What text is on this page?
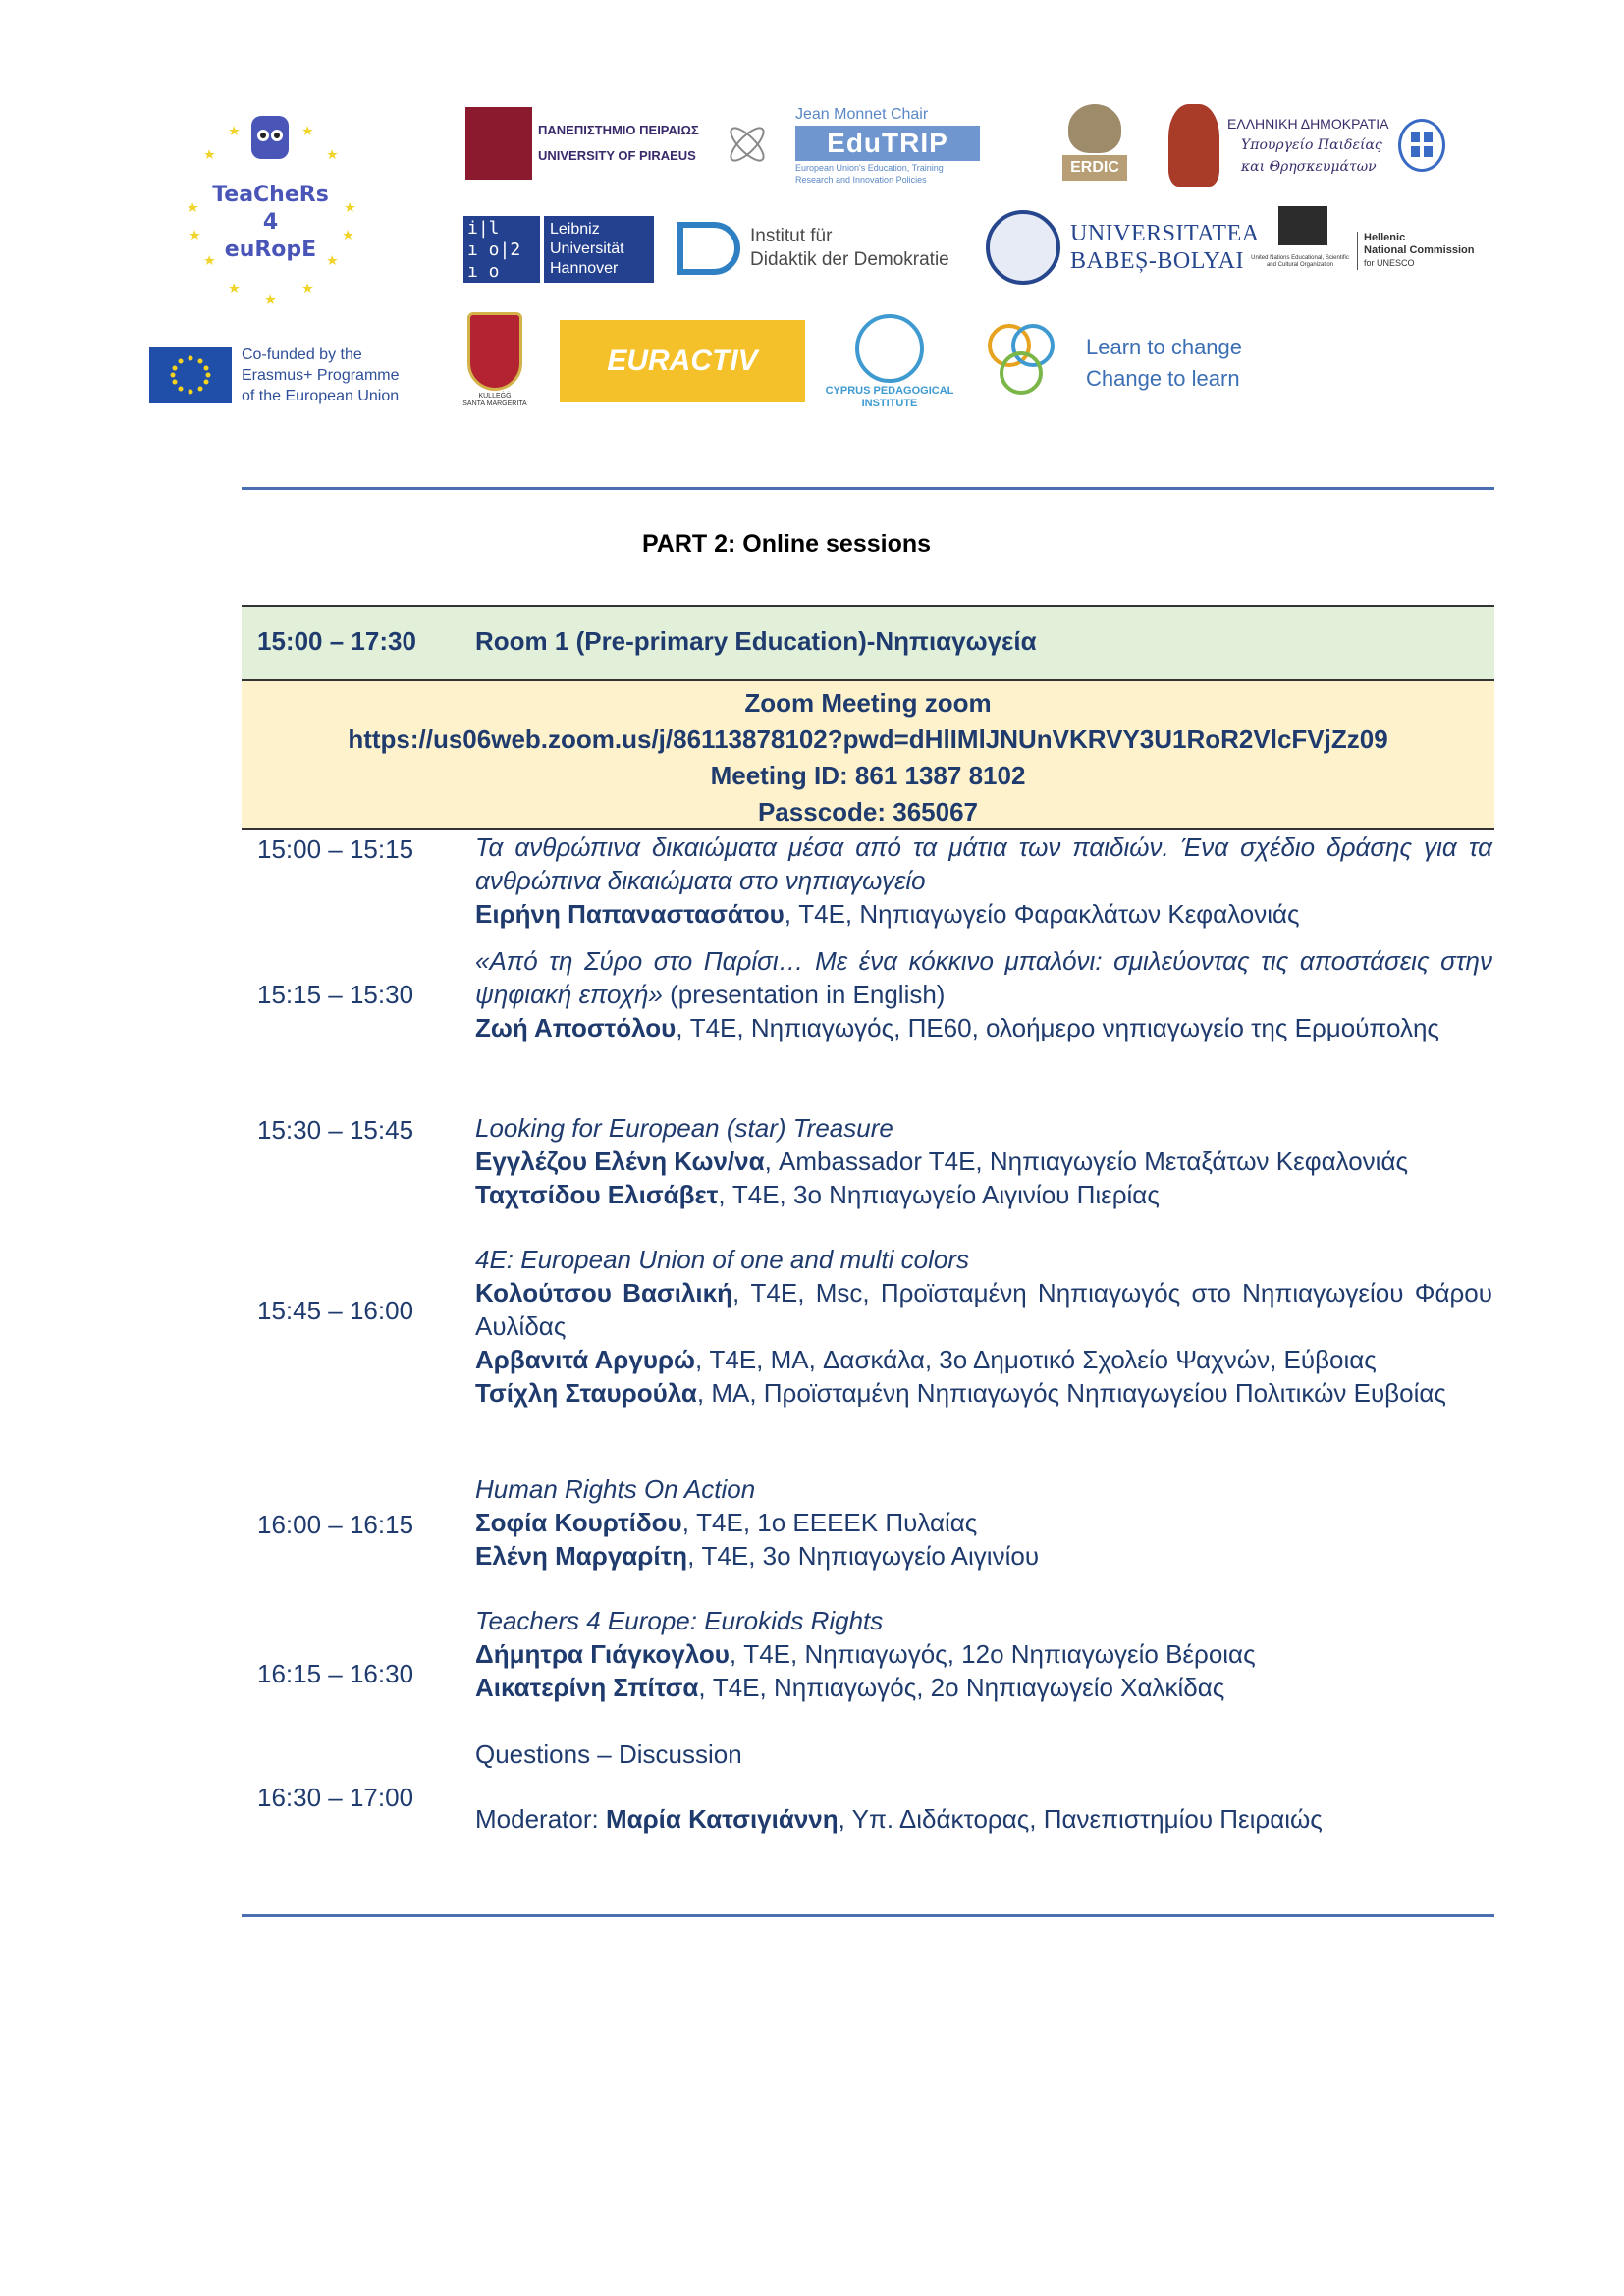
TeaCheRs
4
euRopE
Co-funded by the
Erasmus+ Programme
of the European Union
ΠΑΝΕΠΙΣΤΗΜΙΟ ΠΕΙΡΑΙΩΣ
UNIVERSITY OF PIRAEUS
Jean Monnet Chair
EduTRIP
European Union's Education, Training
Research and Innovation Policies
ERDIC
ΕΛΛΗΝΙΚΗ ΔΗΜΟΚΡΑΤΙΑ
Υπουργείο Παιδείας
και Θρησκευμάτων
i|l
ı o|2
ı o o|4
Leibniz
Universität
Hannover
Institut für
Didaktik der Demokratie
UNIVERSITATEA
BABEȘ-BOLYAI	United Nations Educational, Scientific and Cultural Organization
Hellenic
National Commission
for UNESCO
KULLEĠĠ
SANTA MARGERITA
EURACTIV
CYPRUS PEDAGOGICAL
INSTITUTE
Learn to change
Change to learn
PART 2: Online sessions
15:00 – 17:30 Room 1 (Pre-primary Education)-Νηπιαγωγεία
Zoom Meeting zoom
https://us06web.zoom.us/j/86113878102?pwd=dHlIMlJNUnVKRVY3U1RoR2VlcFVjZz09
Meeting ID: 861 1387 8102
Passcode: 365067
15:00 – 15:15 Τα ανθρώπινα δικαιώματα μέσα από τα μάτια των παιδιών. Ένα σχέδιο δράσης για τα ανθρώπινα δικαιώματα στο νηπιαγωγείο

Ειρήνη Παπαναστασάτου, T4E, Νηπιαγωγείο Φαρακλάτων Κεφαλονιάς

15:15 – 15:30

«Από τη Σύρο στο Παρίσι… Με ένα κόκκινο μπαλόνι: σμιλεύοντας τις αποστάσεις στην ψηφιακή εποχή» (presentation in English)

Ζωή Αποστόλου, T4E, Νηπιαγωγός, ΠΕ60, ολοήμερο νηπιαγωγείο της Ερμούπολης

15:30 – 15:45 Looking for European (star) Treasure

Εγγλέζου Ελένη Κων/να, Ambassador T4E, Νηπιαγωγείο Μεταξάτων Κεφαλονιάς

Ταχτσίδου Ελισάβετ, T4E, 3ο Νηπιαγωγείο Αιγινίου Πιερίας

15:45 – 16:00

4E: European Union of one and multi colors

Κολούτσου Βασιλική, T4E, Msc, Προϊσταμένη Νηπιαγωγός στο Νηπιαγωγείου Φάρου Αυλίδας

Αρβανιτά Αργυρώ, T4E, MA, Δασκάλα, 3ο Δημοτικό Σχολείο Ψαχνών, Εύβοιας

Τσίχλη Σταυρούλα, MA, Προϊσταμένη Νηπιαγωγός Νηπιαγωγείου Πολιτικών Ευβοίας

16:00 – 16:15

Human Rights On Action

Σοφία Κουρτίδου, T4E, 1ο ΕΕΕΕΚ Πυλαίας

Ελένη Μαργαρίτη, T4E, 3ο Νηπιαγωγείο Αιγινίου

16:15 – 16:30

Teachers 4 Europe: Eurokids Rights

Δήμητρα Γιάγκογλου, T4E, Νηπιαγωγός, 12ο Νηπιαγωγείο Βέροιας

Αικατερίνη Σπίτσα, T4E, Νηπιαγωγός, 2ο Νηπιαγωγείο Χαλκίδας

16:30 – 17:00

Questions – Discussion

Moderator: Μαρία Κατσιγιάννη, Υπ. Διδάκτορας, Πανεπιστημίου Πειραιώς
